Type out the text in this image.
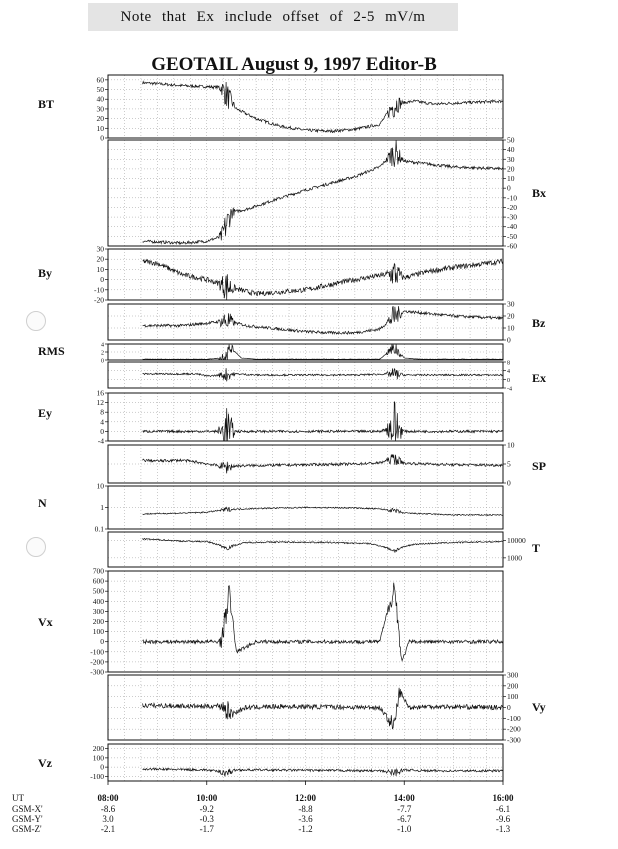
Note that Ex include offset of 2-5 mV/m
GEOTAIL August 9, 1997 Editor-B
60
50
40
30
20
10
0
BT
50
40
30
20
10
0
-10
-20
-30
-40
-50
-60
Bx
30
20
10
0
-10
-20
By
30
20
10
0
Bz
4
2
0
RMS
8
4
0
-4
Ex
16
12
8
4
0
-4
Ey
10
5
0
SP
10
1
0.1
N
10000
1000
T
700
600
500
400
300
200
100
0
-100
-200
-300
Vx
300
200
100
0
-100
-200
-300
Vy
200
100
0
-100
Vz
UT
GSM-X'
GSM-Y'
GSM-Z'
08:00
-8.6
3.0
-2.1
10:00
-9.2
-0.3
-1.7
12:00
-8.8
-3.6
-1.2
14:00
-7.7
-6.7
-1.0
16:00
-6.1
-9.6
-1.3
